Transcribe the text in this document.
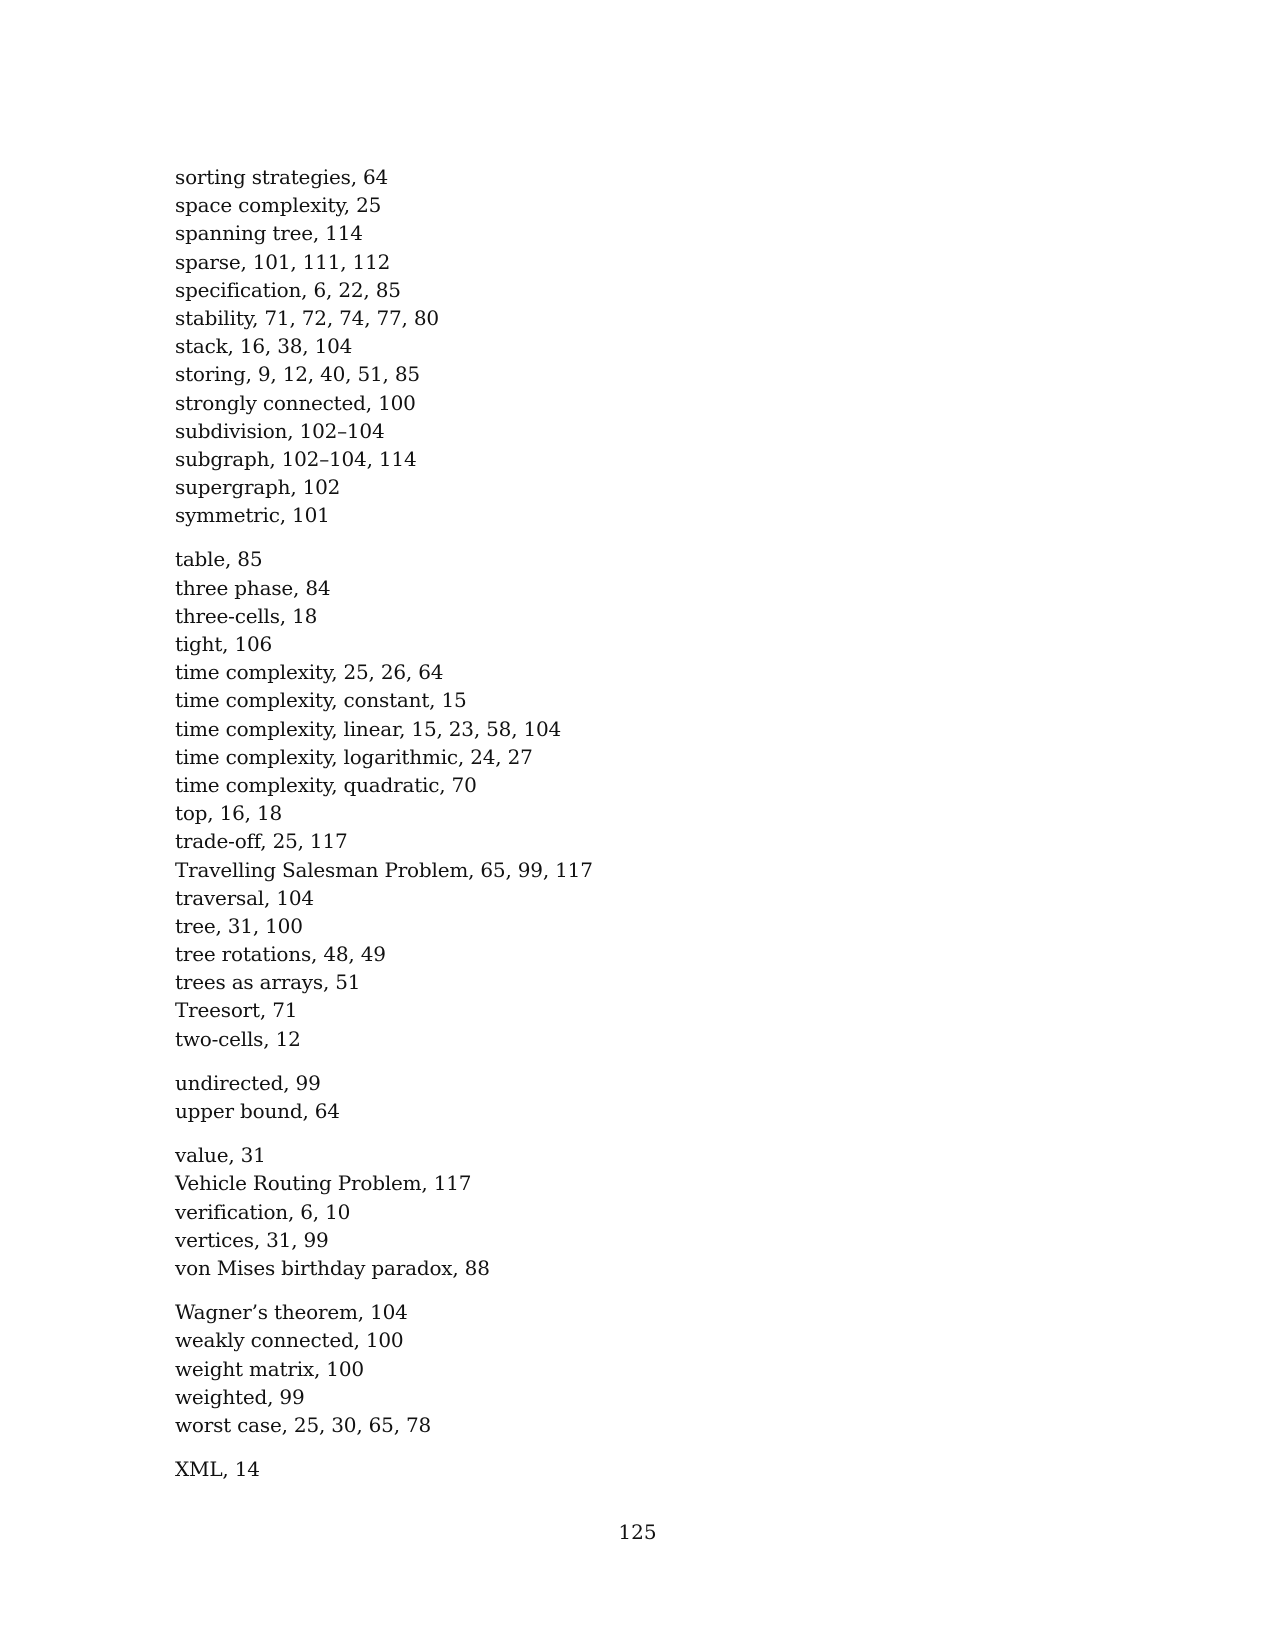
sorting strategies, 64
space complexity, 25
spanning tree, 114
sparse, 101, 111, 112
specification, 6, 22, 85
stability, 71, 72, 74, 77, 80
stack, 16, 38, 104
storing, 9, 12, 40, 51, 85
strongly connected, 100
subdivision, 102–104
subgraph, 102–104, 114
supergraph, 102
symmetric, 101
table, 85
three phase, 84
three-cells, 18
tight, 106
time complexity, 25, 26, 64
time complexity, constant, 15
time complexity, linear, 15, 23, 58, 104
time complexity, logarithmic, 24, 27
time complexity, quadratic, 70
top, 16, 18
trade-off, 25, 117
Travelling Salesman Problem, 65, 99, 117
traversal, 104
tree, 31, 100
tree rotations, 48, 49
trees as arrays, 51
Treesort, 71
two-cells, 12
undirected, 99
upper bound, 64
value, 31
Vehicle Routing Problem, 117
verification, 6, 10
vertices, 31, 99
von Mises birthday paradox, 88
Wagner’s theorem, 104
weakly connected, 100
weight matrix, 100
weighted, 99
worst case, 25, 30, 65, 78
XML, 14
125
